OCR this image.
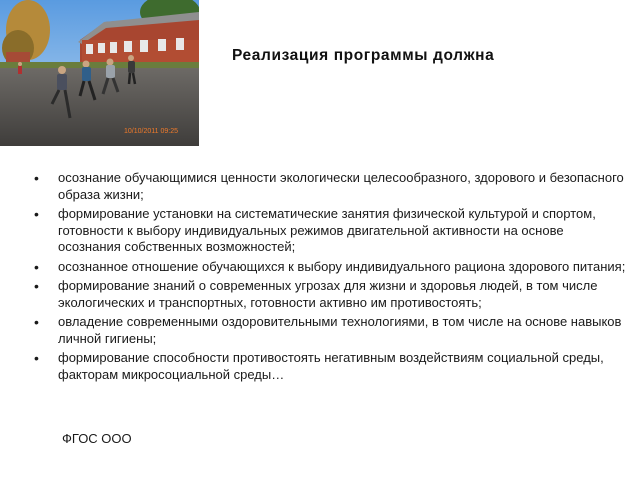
10/10/2011 09:25
Реализация программы должна
• осознание обучающимися ценности экологически целесообразного, здорового и безопасного образа жизни;
• формирование установки на систематические занятия физической культурой и спортом, готовности к выбору индивидуальных режимов двигательной активности на основе осознания собственных возможностей;
• осознанное отношение обучающихся к выбору индивидуального рациона здорового питания;
• формирование знаний о современных угрозах для жизни и здоровья людей, в том числе экологических и транспортных, готовности активно им противостоять;
• овладение современными оздоровительными технологиями, в том числе на основе навыков личной гигиены;
• формирование способности противостоять негативным воздействиям социальной среды, факторам микросоциальной среды…
ФГОС ООО
